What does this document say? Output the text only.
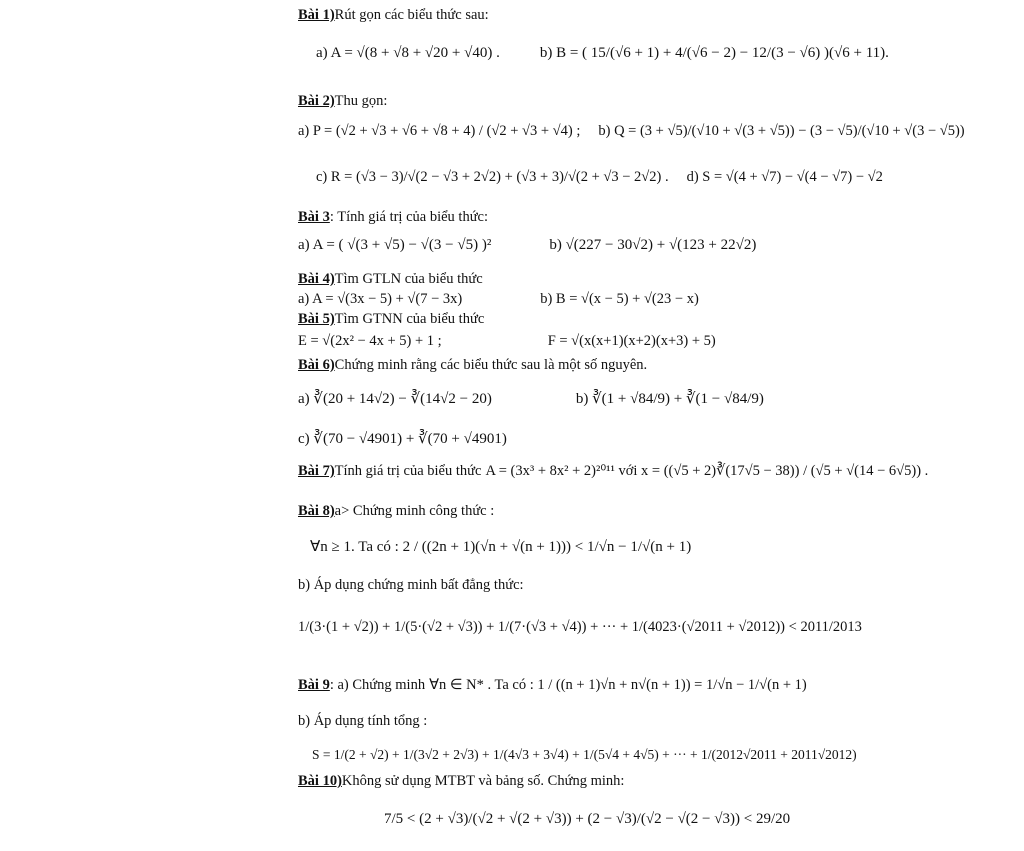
Bài 1) Rút gọn các biểu thức sau:
a) A = √(8 + √8 + √20 + √40) .	b) B = ( 15/(√6 + 1) + 4/(√6 − 2) − 12/(3 − √6) )(√6 + 11).
Bài 2) Thu gọn:
a) P = (√2 + √3 + √6 + √8 + 4) / (√2 + √3 + √4) ; b) Q = (3 + √5)/(√10 + √(3 + √5)) − (3 − √5)/(√10 + √(3 − √5))
c) R = (√3 − 3)/√(2 − √3 + 2√2) + (√3 + 3)/√(2 + √3 − 2√2) . d) S = √(4 + √7) − √(4 − √7) − √2
Bài 3 : Tính giá trị của biểu thức:
a) A = ( √(3 + √5) − √(3 − √5) )²	b) √(227 − 30√2) + √(123 + 22√2)
Bài 4) Tìm GTLN của biểu thức
a) A = √(3x − 5) + √(7 − 3x)	b) B = √(x − 5) + √(23 − x)
Bài 5) Tìm GTNN của biểu thức
E = √(2x² − 4x + 5) + 1 ;	F = √(x(x+1)(x+2)(x+3) + 5)
Bài 6) Chứng minh rằng các biểu thức sau là một số nguyên.
a) ∛(20 + 14√2) − ∛(14√2 − 20)	b) ∛(1 + √84/9) + ∛(1 − √84/9)
c) ∛(70 − √4901) + ∛(70 + √4901)
Bài 7) Tính giá trị của biểu thức A = (3x³ + 8x² + 2)²⁰¹¹ với x = ((√5 + 2)∛(17√5 − 38)) / (√5 + √(14 − 6√5)) .
Bài 8) a> Chứng minh công thức :
∀n ≥ 1. Ta có : 2 / ((2n + 1)(√n + √(n + 1))) < 1/√n − 1/√(n + 1)
b) Áp dụng chứng minh bất đẳng thức:
1/(3·(1 + √2)) + 1/(5·(√2 + √3)) + 1/(7·(√3 + √4)) + ··· + 1/(4023·(√2011 + √2012)) < 2011/2013
Bài 9 : a) Chứng minh ∀n ∈ N* . Ta có : 1 / ((n + 1)√n + n√(n + 1)) = 1/√n − 1/√(n + 1)
b) Áp dụng tính tổng :
S = 1/(2 + √2) + 1/(3√2 + 2√3) + 1/(4√3 + 3√4) + 1/(5√4 + 4√5) + ··· + 1/(2012√2011 + 2011√2012)
Bài 10) Không sử dụng MTBT và bảng số. Chứng minh:
7/5 < (2 + √3)/(√2 + √(2 + √3)) + (2 − √3)/(√2 − √(2 − √3)) < 29/20
